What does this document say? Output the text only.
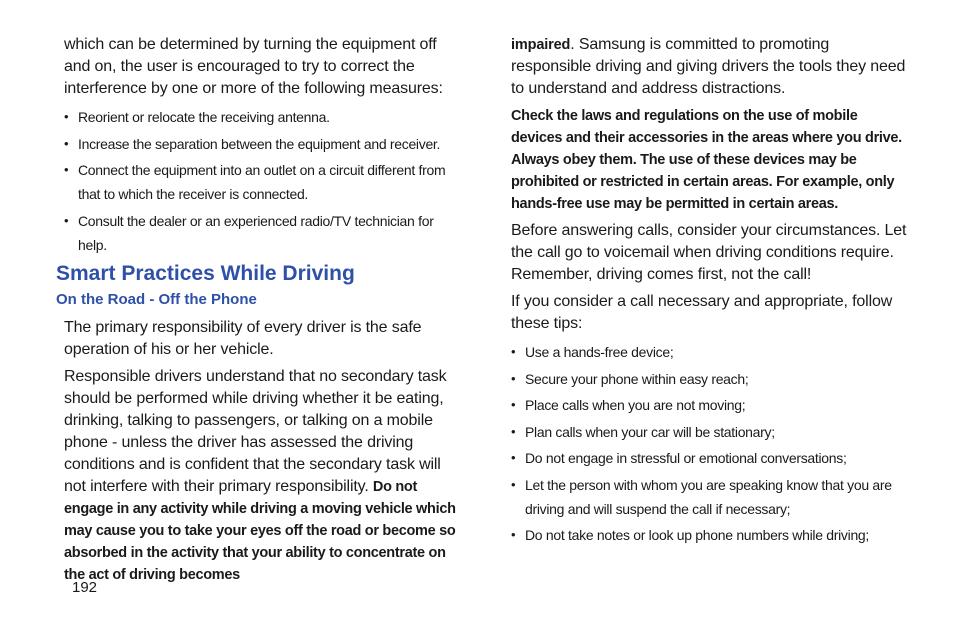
which can be determined by turning the equipment off and on, the user is encouraged to try to correct the interference by one or more of the following measures:

• Reorient or relocate the receiving antenna.
• Increase the separation between the equipment and receiver.
• Connect the equipment into an outlet on a circuit different from that to which the receiver is connected.
• Consult the dealer or an experienced radio/TV technician for help.
Smart Practices While Driving
On the Road - Off the Phone

The primary responsibility of every driver is the safe operation of his or her vehicle.

Responsible drivers understand that no secondary task should be performed while driving whether it be eating, drinking, talking to passengers, or talking on a mobile phone - unless the driver has assessed the driving conditions and is confident that the secondary task will not interfere with their primary responsibility. Do not engage in any activity while driving a moving vehicle which may cause you to take your eyes off the road or become so absorbed in the activity that your ability to concentrate on the act of driving becomes

impaired. Samsung is committed to promoting responsible driving and giving drivers the tools they need to understand and address distractions.

Check the laws and regulations on the use of mobile devices and their accessories in the areas where you drive. Always obey them. The use of these devices may be prohibited or restricted in certain areas. For example, only hands-free use may be permitted in certain areas.

Before answering calls, consider your circumstances. Let the call go to voicemail when driving conditions require. Remember, driving comes first, not the call!

If you consider a call necessary and appropriate, follow these tips:

• Use a hands-free device;
• Secure your phone within easy reach;
• Place calls when you are not moving;
• Plan calls when your car will be stationary;
• Do not engage in stressful or emotional conversations;
• Let the person with whom you are speaking know that you are driving and will suspend the call if necessary;
• Do not take notes or look up phone numbers while driving;
192
